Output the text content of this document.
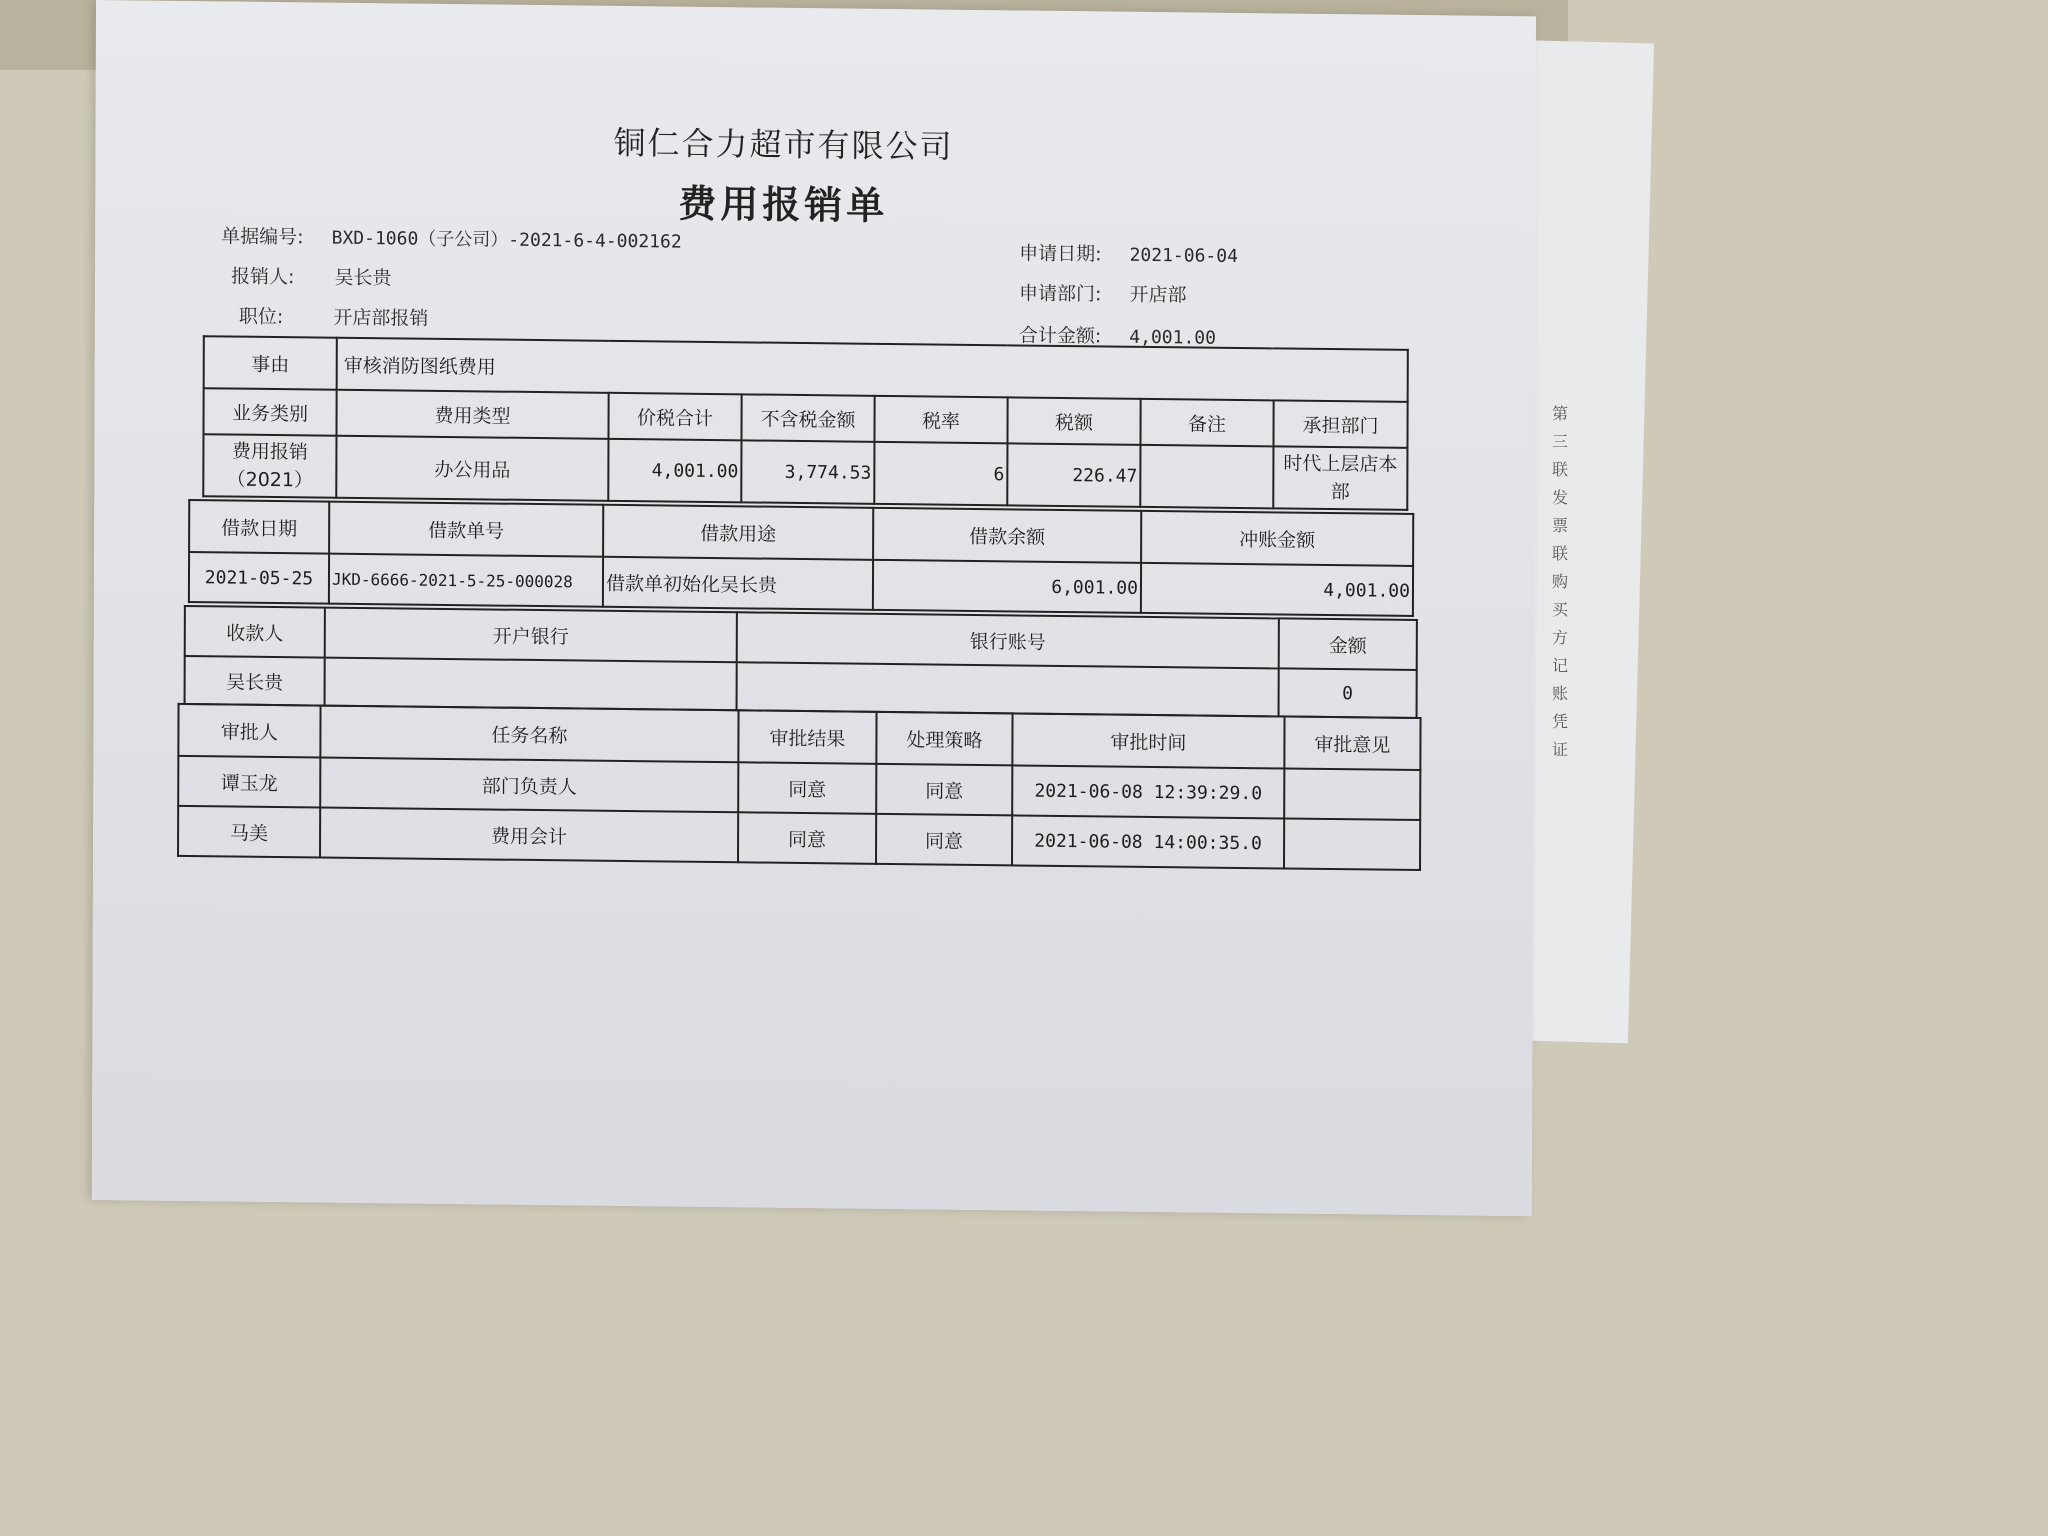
第三联发票联购买方记账凭证
铜仁合力超市有限公司
费用报销单
单据编号: BXD-1060（子公司）-2021-6-4-002162
报销人: 吴长贵
职位:	开店部报销
申请日期: 2021-06-04
申请部门: 开店部
合计金额: 4,001.00
事由	审核消防图纸费用						
业务类别	费用类型	价税合计	不含税金额	税率	税额	备注	承担部门
费用报销（2021）	办公用品	4,001.00	3,774.53	6	226.47		时代上层店本部
借款日期	借款单号	借款用途	借款余额	冲账金额
2021-05-25	JKD-6666-2021-5-25-000028	借款单初始化吴长贵	6,001.00	4,001.00
收款人	开户银行	银行账号	金额
吴长贵			0
审批人	任务名称	审批结果	处理策略	审批时间	审批意见
谭玉龙	部门负责人	同意	同意	2021-06-08 12:39:29.0	
马美	费用会计	同意	同意	2021-06-08 14:00:35.0	
